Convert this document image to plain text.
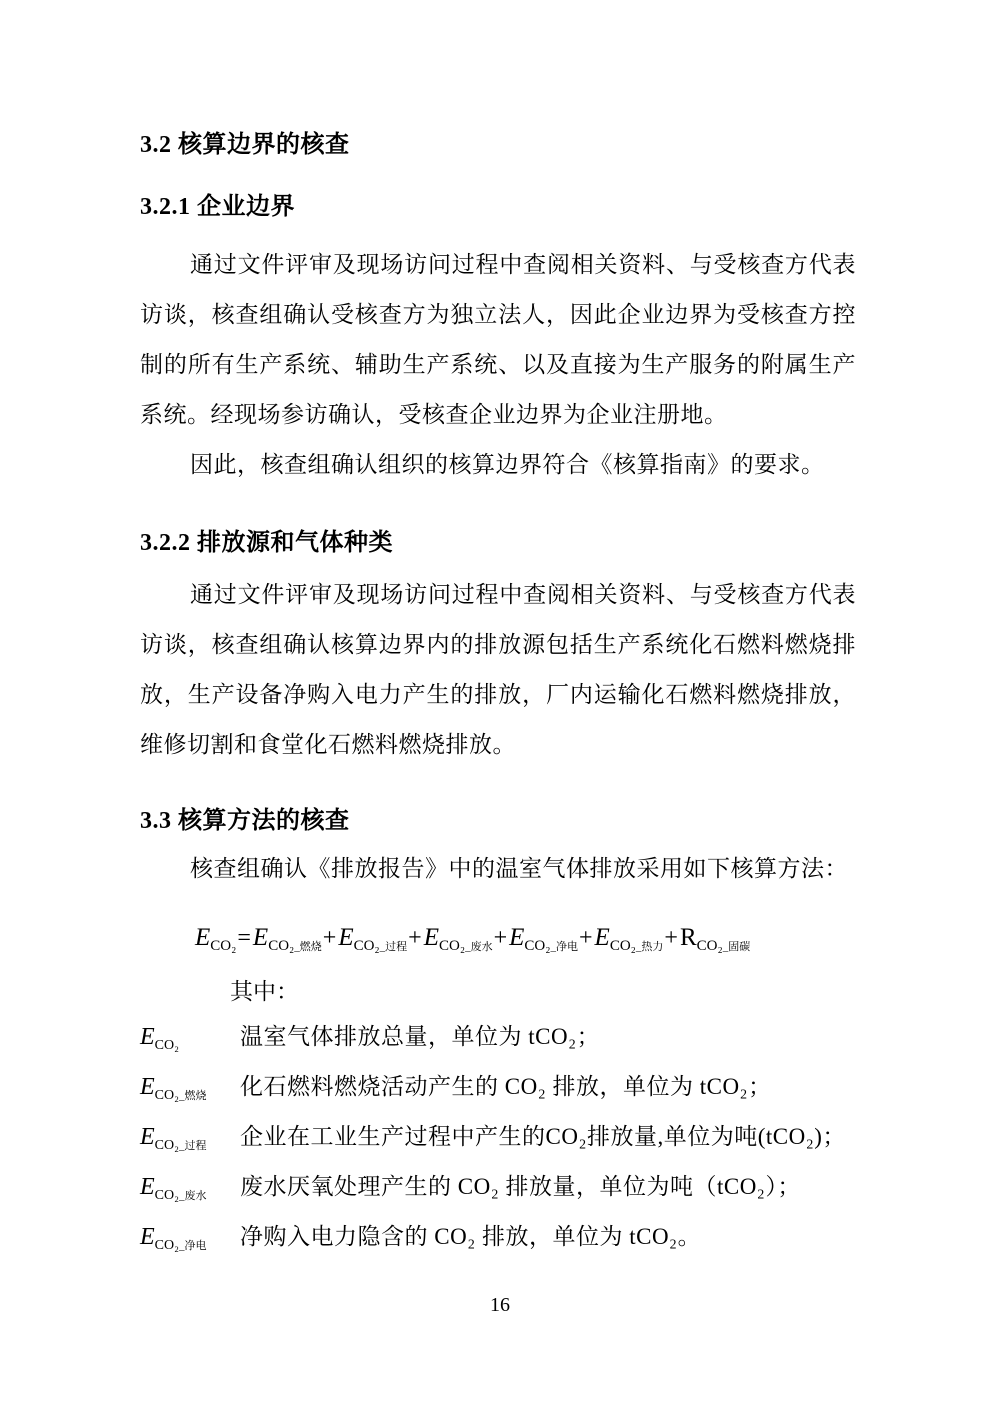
3.2 核算边界的核查
3.2.1 企业边界
通过文件评审及现场访问过程中查阅相关资料、与受核查方代表
访谈，核查组确认受核查方为独立法人，因此企业边界为受核查方控
制的所有生产系统、辅助生产系统、以及直接为生产服务的附属生产
系统。经现场参访确认，受核查企业边界为企业注册地。
因此，核查组确认组织的核算边界符合《核算指南》的要求。
3.2.2 排放源和气体种类
通过文件评审及现场访问过程中查阅相关资料、与受核查方代表
访谈，核查组确认核算边界内的排放源包括生产系统化石燃料燃烧排
放，生产设备净购入电力产生的排放，厂内运输化石燃料燃烧排放，
维修切割和食堂化石燃料燃烧排放。
3.3 核算方法的核查
核查组确认《排放报告》中的温室气体排放采用如下核算方法：
$E_{CO_2}=E_{CO_2\_燃烧}+E_{CO_2\_过程}+E_{CO_2\_废水}+E_{CO_2\_净电}+E_{CO_2\_热力}+R_{CO_2\_固碳}$
其中：
$E_{CO_2}$	温室气体排放总量，单位为 tCO₂；
$E_{CO_2\_燃烧}$ 化石燃料燃烧活动产生的 CO₂ 排放，单位为 tCO₂；
$E_{CO_2\_过程}$ 企业在工业生产过程中产生的CO₂排放量,单位为吨(tCO₂)；
$E_{CO_2\_废水}$ 废水厌氧处理产生的 CO₂ 排放量，单位为吨（tCO₂）；
$E_{CO_2\_净电}$ 净购入电力隐含的 CO₂ 排放，单位为 tCO₂。
16
